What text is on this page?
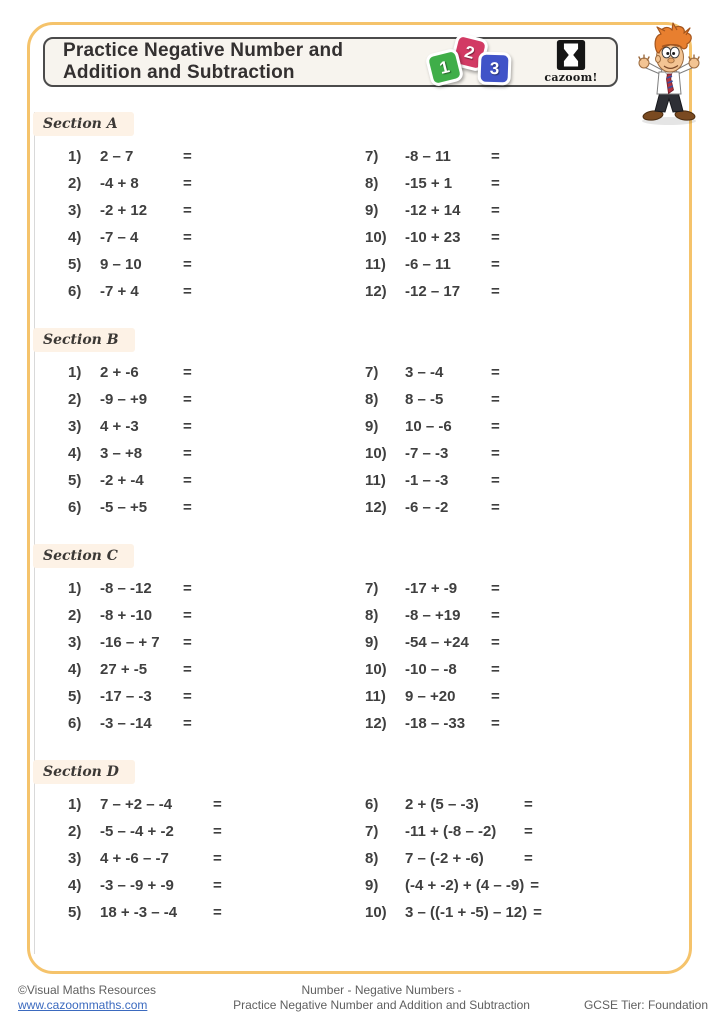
Practice Negative Number and
Addition and Subtraction
2
1	3	cazoom!
Section A
1)	2 – 7	=
2)	-4 + 8	=
3)	-2 + 12	=
4)	-7 – 4	=
5)	9 – 10	=
6)	-7 + 4	=
7)	-8 – 11	=
8)	-15 + 1	=
9)	-12 + 14	=
10)	-10 + 23	=
11)	-6 – 11	=
12)	-12 – 17	=
Section B
1)	2 + -6	=
2)	-9 – +9	=
3)	4 + -3	=
4)	3 – +8	=
5)	-2 + -4	=
6)	-5 – +5	=
7)	3 – -4	=
8)	8 – -5	=
9)	10 – -6	=
10)	-7 – -3	=
11)	-1 – -3	=
12)	-6 – -2	=
Section C
1)	-8 – -12	=
2)	-8 + -10	=
3)	-16 – + 7	=
4)	27 + -5	=
5)	-17 – -3	=
6)	-3 – -14	=
7)	-17 + -9	=
8)	-8 – +19	=
9)	-54 – +24	=
10)	-10 – -8	=
11)	9 – +20	=
12)	-18 – -33	=
Section D
1)	7 – +2 – -4	=
2)	-5 – -4 + -2	=
3)	4 + -6 – -7	=
4)	-3 – -9 + -9	=
5)	18 + -3 – -4	=
6)	2 + (5 – -3)	=
7)	-11 + (-8 – -2)	=
8)	7 – (-2 + -6)	=
9)	(-4 + -2) + (4 – -9) =
10)	3 – ((-1 + -5) – 12) =
©Visual Maths Resources
www.cazoommaths.com
Number - Negative Numbers -
Practice Negative Number and Addition and Subtraction	GCSE Tier: Foundation
